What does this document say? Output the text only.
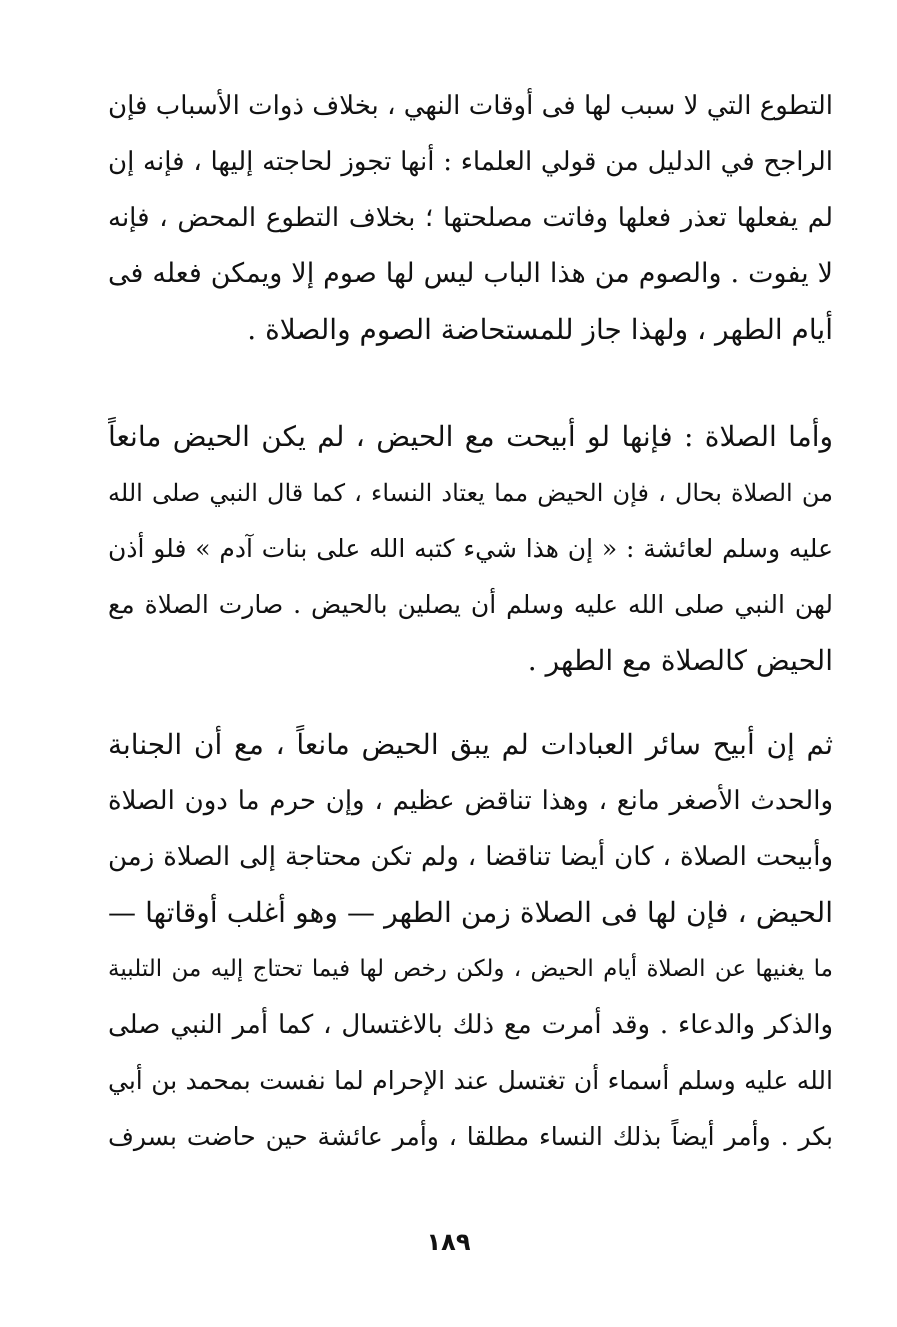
التطوع التي لا سبب لها فى أوقات النهي ، بخلاف ذوات الأسباب فإن
الراجح في الدليل من قولي العلماء : أنها تجوز لحاجته إليها ، فإنه إن
لم يفعلها تعذر فعلها وفاتت مصلحتها ؛ بخلاف التطوع المحض ، فإنه
لا يفوت . والصوم من هذا الباب ليس لها صوم إلا ويمكن فعله فى
أيام الطهر ، ولهذا جاز للمستحاضة الصوم والصلاة .
وأما الصلاة : فإنها لو أبيحت مع الحيض ، لم يكن الحيض مانعاً
من الصلاة بحال ، فإن الحيض مما يعتاد النساء ، كما قال النبي صلى الله
عليه وسلم لعائشة : « إن هذا شيء كتبه الله على بنات آدم » فلو أذن
لهن النبي صلى الله عليه وسلم أن يصلين بالحيض . صارت الصلاة مع
الحيض كالصلاة مع الطهر .
ثم إن أبيح سائر العبادات لم يبق الحيض مانعاً ، مع أن الجنابة
والحدث الأصغر مانع ، وهذا تناقض عظيم ، وإن حرم ما دون الصلاة
وأبيحت الصلاة ، كان أيضا تناقضا ، ولم تكن محتاجة إلى الصلاة زمن
الحيض ، فإن لها فى الصلاة زمن الطهر — وهو أغلب أوقاتها —
ما يغنيها عن الصلاة أيام الحيض ، ولكن رخص لها فيما تحتاج إليه من التلبية
والذكر والدعاء . وقد أمرت مع ذلك بالاغتسال ، كما أمر النبي صلى
الله عليه وسلم أسماء أن تغتسل عند الإحرام لما نفست بمحمد بن أبي
بكر . وأمر أيضاً بذلك النساء مطلقا ، وأمر عائشة حين حاضت بسرف
١٨٩
